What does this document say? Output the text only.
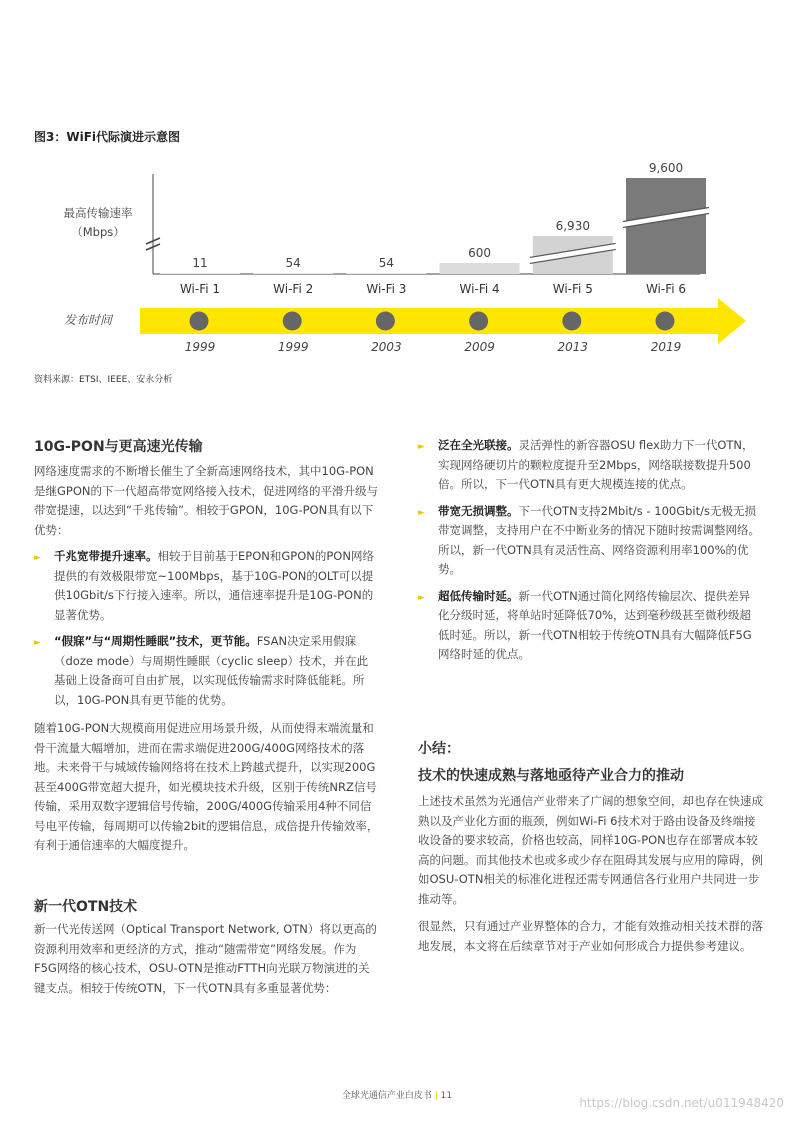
图3：WiFi代际演进示意图
11
Wi-Fi 1
54
Wi-Fi 2
54
Wi-Fi 3
600
Wi-Fi 4
6,930
Wi-Fi 5
9,600
Wi-Fi 6
1999	1999	2003	2009	2013	2019
最高传输速率
（Mbps）
发布时间
资料来源：ETSI、IEEE、安永分析
10G-PON与更高速光传输

网络速度需求的不断增长催生了全新高速网络技术，其中10G-PON是继GPON的下一代超高带宽网络接入技术，促进网络的平滑升级与带宽提速，以达到“千兆传输”。相较于GPON，10G-PON具有以下优势：

► 千兆宽带提升速率。相较于目前基于EPON和GPON的PON网络提供的有效极限带宽~100Mbps，基于10G-PON的OLT可以提供10Gbit/s下行接入速率。所以，通信速率提升是10G-PON的显著优势。
► “假寐”与“周期性睡眠”技术，更节能。FSAN决定采用假寐（doze mode）与周期性睡眠（cyclic sleep）技术，并在此基础上设备商可自由扩展，以实现低传输需求时降低能耗。所以，10G-PON具有更节能的优势。

随着10G-PON大规模商用促进应用场景升级，从而使得末端流量和骨干流量大幅增加，进而在需求端促进200G/400G网络技术的落地。未来骨干与城域传输网络将在技术上跨越式提升，以实现200G甚至400G带宽超大提升，如光模块技术升级，区别于传统NRZ信号传输，采用双数字逻辑信号传输，200G/400G传输采用4种不同信号电平传输，每周期可以传输2bit的逻辑信息，成倍提升传输效率，有利于通信速率的大幅度提升。

新一代OTN技术

新一代光传送网（Optical Transport Network, OTN）将以更高的资源利用效率和更经济的方式，推动“随需带宽”网络发展。作为F5G网络的核心技术，OSU-OTN是推动FTTH向光联万物演进的关键支点。相较于传统OTN，下一代OTN具有多重显著优势：

► 泛在全光联接。灵活弹性的新容器OSU flex助力下一代OTN，实现网络硬切片的颗粒度提升至2Mbps，网络联接数提升500倍。所以，下一代OTN具有更大规模连接的优点。
► 带宽无损调整。下一代OTN支持2Mbit/s - 100Gbit/s无极无损带宽调整，支持用户在不中断业务的情况下随时按需调整网络。所以，新一代OTN具有灵活性高、网络资源利用率100%的优势。
► 超低传输时延。新一代OTN通过简化网络传输层次、提供差异化分级时延，将单站时延降低70%，达到毫秒级甚至微秒级超低时延。所以，新一代OTN相较于传统OTN具有大幅降低F5G网络时延的优点。
小结：
技术的快速成熟与落地亟待产业合力的推动

上述技术虽然为光通信产业带来了广阔的想象空间，却也存在快速成熟以及产业化方面的瓶颈，例如Wi-Fi 6技术对于路由设备及终端接收设备的要求较高，价格也较高，同样10G-PON也存在部署成本较高的问题。而其他技术也或多或少存在阻碍其发展与应用的障碍，例如OSU-OTN相关的标准化进程还需专网通信各行业用户共同进一步推动等。

很显然，只有通过产业界整体的合力，才能有效推动相关技术群的落地发展，本文将在后续章节对于产业如何形成合力提供参考建议。

全球光通信产业白皮书 | 11	https://blog.csdn.net/u011948420
